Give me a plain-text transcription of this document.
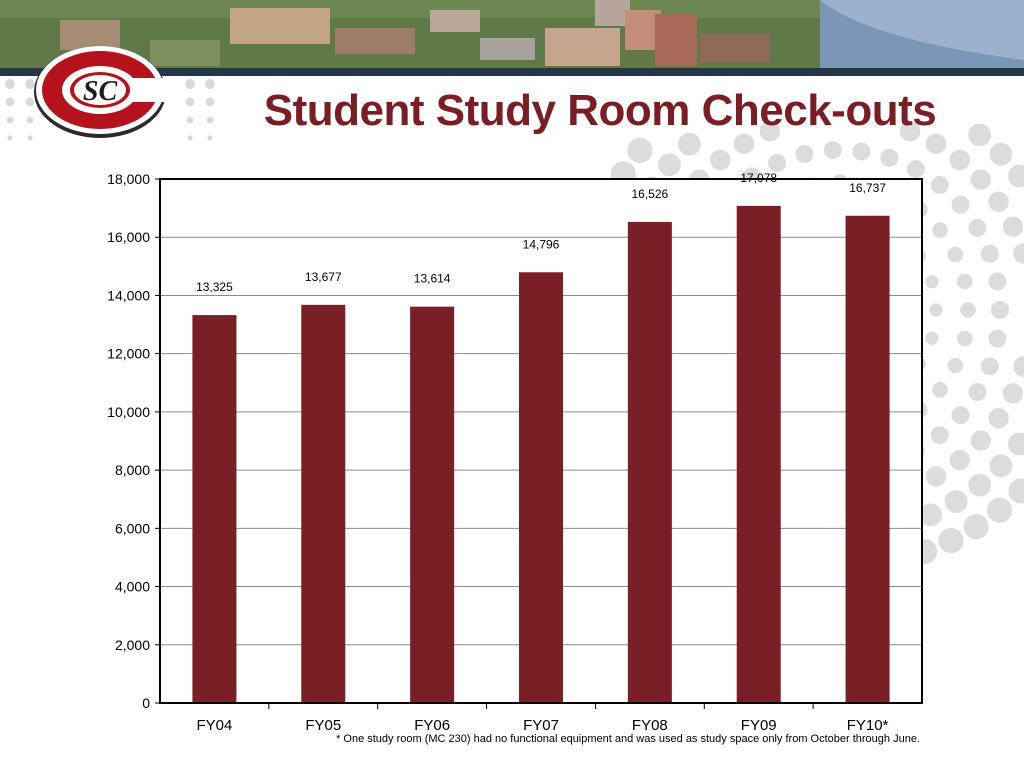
SC	Student Study Room Check-outs
13,325
13,677	13,614
14,796
16,526
17,078
16,737
0
2,000
4,000
6,000
8,000
10,000
12,000
14,000
16,000
18,000
FY04	FY05	FY06	FY07	FY08	FY09	FY10*
* One study room (MC 230) had no functional equipment and was used as study space only from October through June.
